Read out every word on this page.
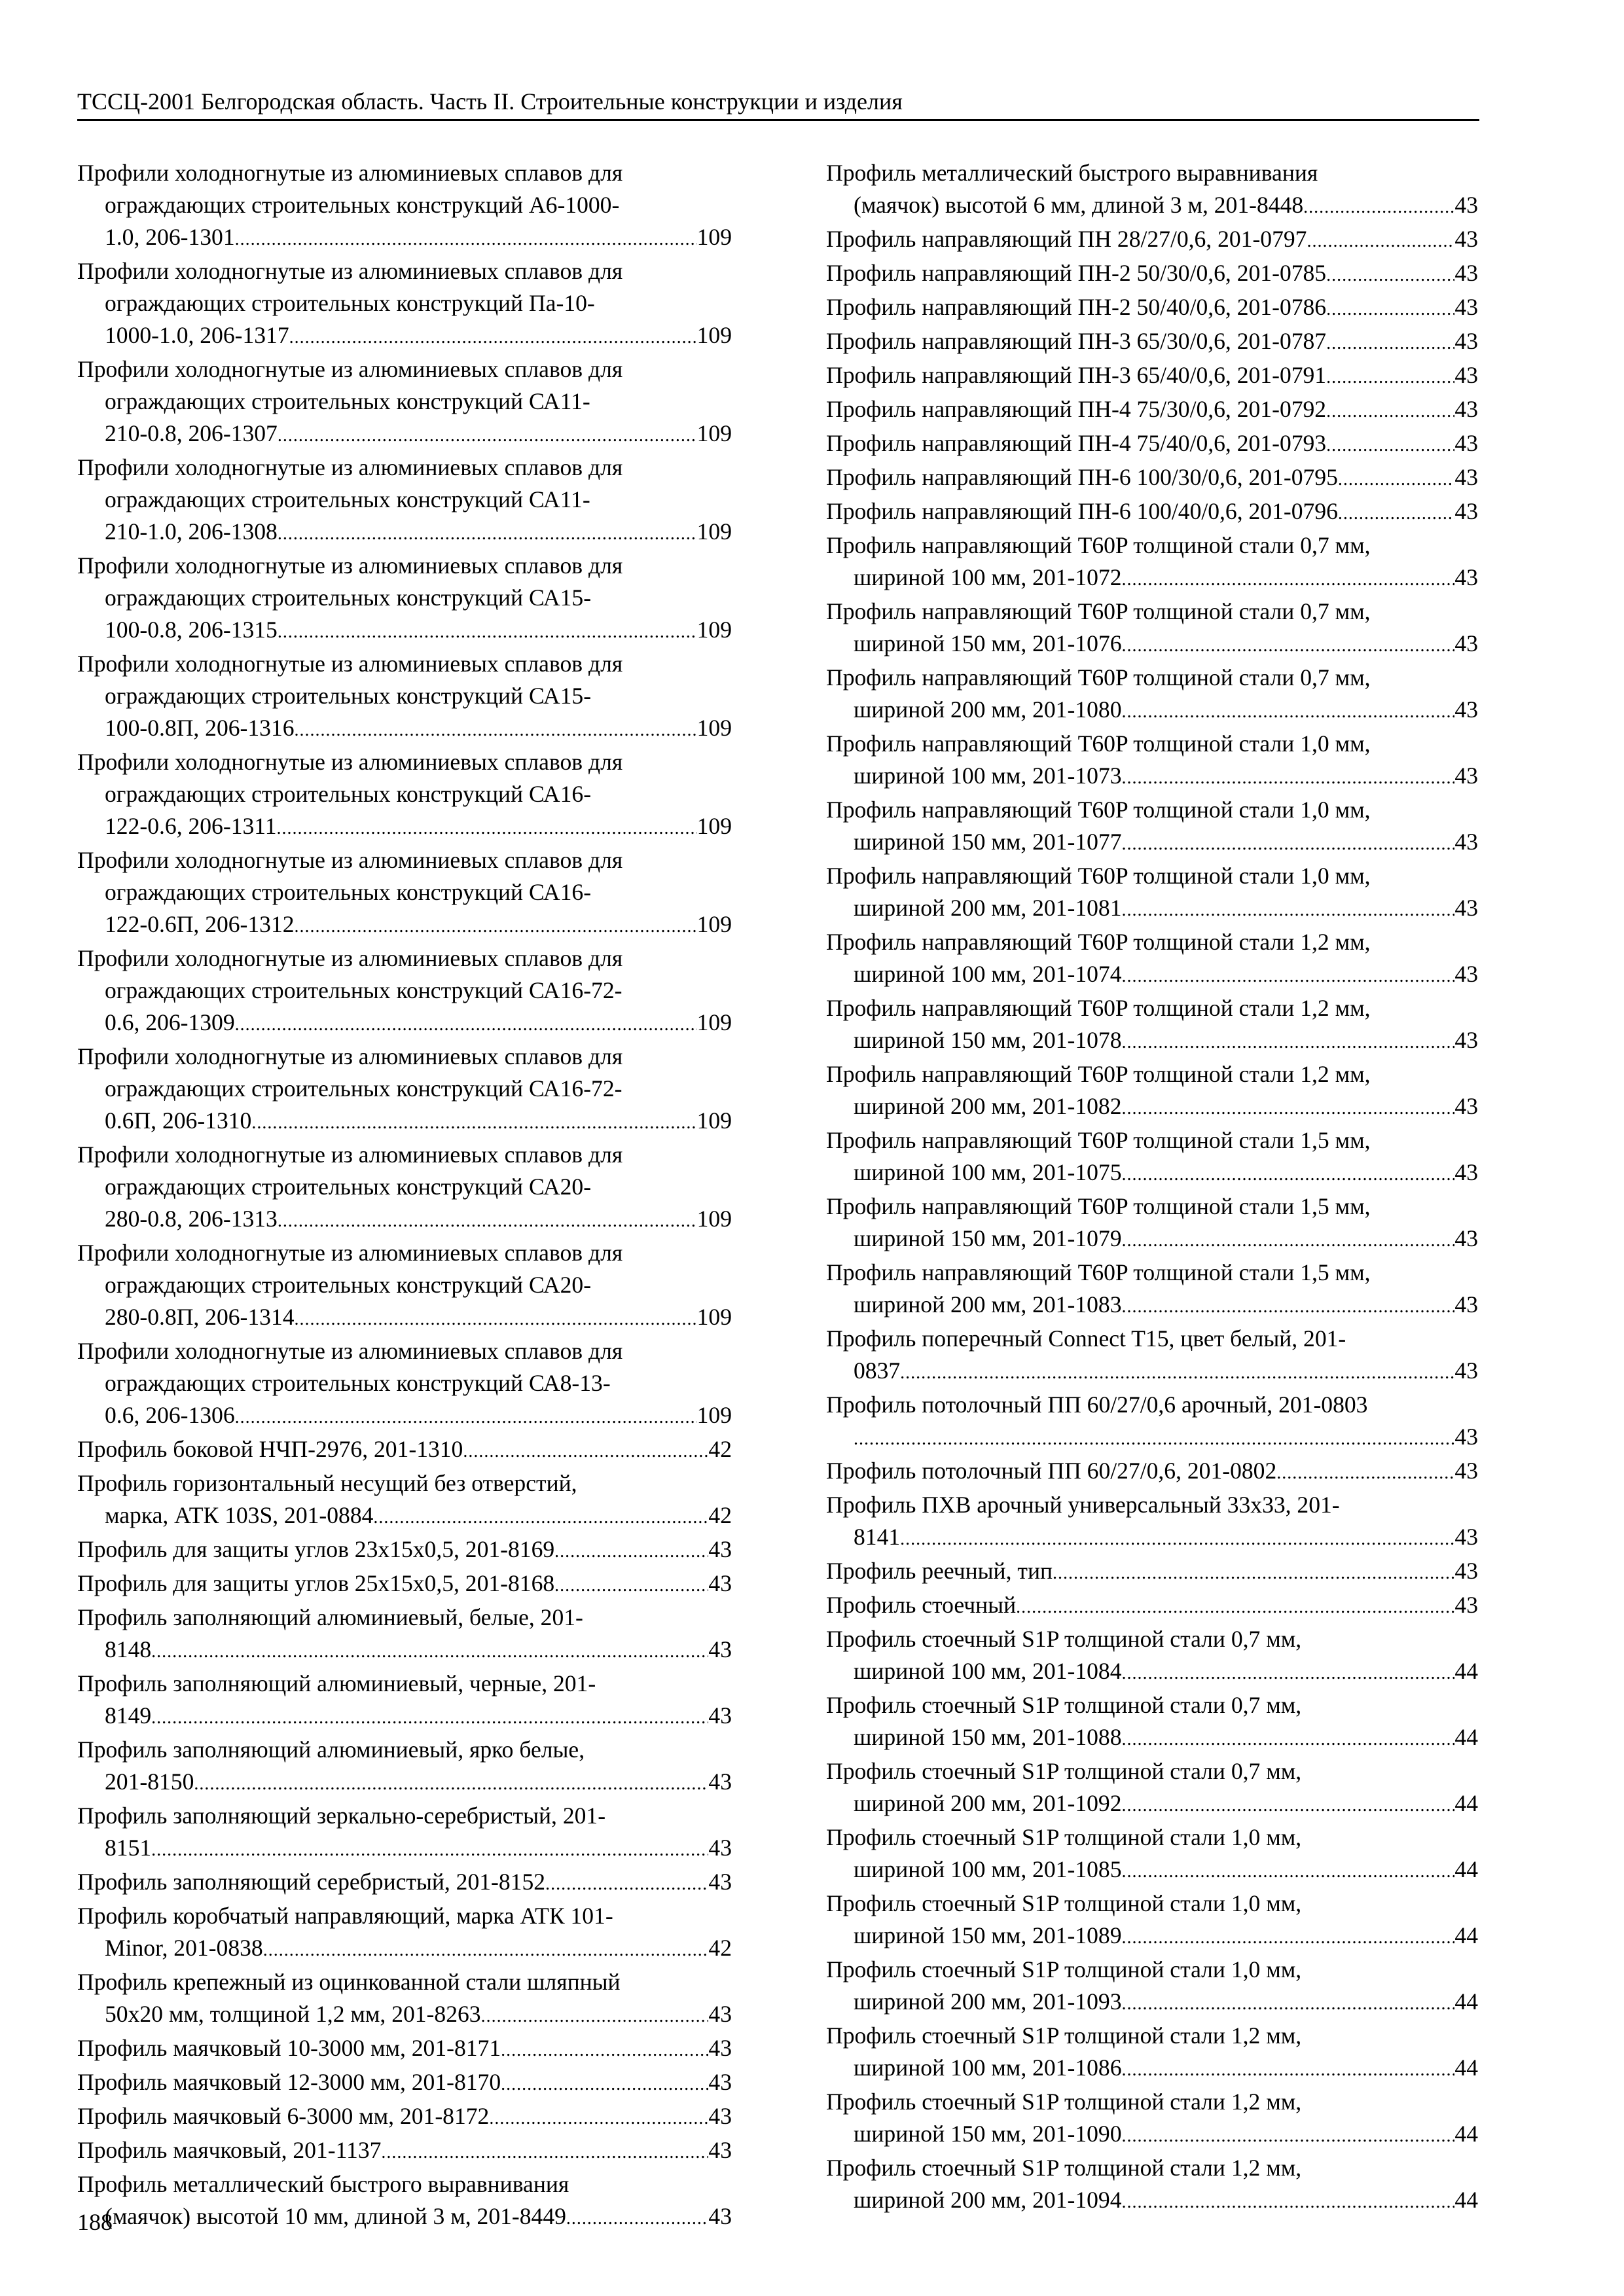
ТССЦ-2001 Белгородская область. Часть II. Строительные конструкции и изделия
Профили холодногнутые из алюминиевых сплавов для
ограждающих строительных конструкций А6-1000-
1.0, 206-1301 .....	109
Профили холодногнутые из алюминиевых сплавов для
ограждающих строительных конструкций Па-10-
1000-1.0, 206-1317 .....	109
Профили холодногнутые из алюминиевых сплавов для
ограждающих строительных конструкций СА11-
210-0.8, 206-1307 .....	109
Профили холодногнутые из алюминиевых сплавов для
ограждающих строительных конструкций СА11-
210-1.0, 206-1308 .....	109
Профили холодногнутые из алюминиевых сплавов для
ограждающих строительных конструкций СА15-
100-0.8, 206-1315 .....	109
Профили холодногнутые из алюминиевых сплавов для
ограждающих строительных конструкций СА15-
100-0.8П, 206-1316 .....	109
Профили холодногнутые из алюминиевых сплавов для
ограждающих строительных конструкций СА16-
122-0.6, 206-1311 .....	109
Профили холодногнутые из алюминиевых сплавов для
ограждающих строительных конструкций СА16-
122-0.6П, 206-1312 .....	109
Профили холодногнутые из алюминиевых сплавов для
ограждающих строительных конструкций СА16-72-
0.6, 206-1309 .....	109
Профили холодногнутые из алюминиевых сплавов для
ограждающих строительных конструкций СА16-72-
0.6П, 206-1310 .....	109
Профили холодногнутые из алюминиевых сплавов для
ограждающих строительных конструкций СА20-
280-0.8, 206-1313 .....	109
Профили холодногнутые из алюминиевых сплавов для
ограждающих строительных конструкций СА20-
280-0.8П, 206-1314 .....	109
Профили холодногнутые из алюминиевых сплавов для
ограждающих строительных конструкций СА8-13-
0.6, 206-1306 .....	109
Профиль боковой НЧП-2976, 201-1310 .....	42
Профиль горизонтальный несущий без отверстий,
марка, АТК 103S, 201-0884 .....	42
Профиль для защиты углов 23х15х0,5, 201-8169 .....	43
Профиль для защиты углов 25х15х0,5, 201-8168 .....	43
Профиль заполняющий алюминиевый, белые, 201-
8148 .....	43
Профиль заполняющий алюминиевый, черные, 201-
8149 .....	43
Профиль заполняющий алюминиевый, ярко белые,
201-8150 .....	43
Профиль заполняющий зеркально-серебристый, 201-
8151 .....	43
Профиль заполняющий серебристый, 201-8152 .....	43
Профиль коробчатый направляющий, марка АТК 101-
Minor, 201-0838 .....	42
Профиль крепежный из оцинкованной стали шляпный
50х20 мм, толщиной 1,2 мм, 201-8263 .....	43
Профиль маячковый 10-3000 мм, 201-8171 .....	43
Профиль маячковый 12-3000 мм, 201-8170 .....	43
Профиль маячковый 6-3000 мм, 201-8172 .....	43
Профиль маячковый, 201-1137 .....	43
Профиль металлический быстрого выравнивания
(маячок) высотой 10 мм, длиной 3 м, 201-8449 .....	43
Профиль металлический быстрого выравнивания
(маячок) высотой 6 мм, длиной 3 м, 201-8448 .....	43
Профиль направляющий ПН 28/27/0,6, 201-0797 .....	43
Профиль направляющий ПН-2 50/30/0,6, 201-0785 .....	43
Профиль направляющий ПН-2 50/40/0,6, 201-0786 .....	43
Профиль направляющий ПН-3 65/30/0,6, 201-0787 .....	43
Профиль направляющий ПН-3 65/40/0,6, 201-0791 .....	43
Профиль направляющий ПН-4 75/30/0,6, 201-0792 .....	43
Профиль направляющий ПН-4 75/40/0,6, 201-0793 .....	43
Профиль направляющий ПН-6 100/30/0,6, 201-0795 .....	43
Профиль направляющий ПН-6 100/40/0,6, 201-0796 .....	43
Профиль направляющий T60P толщиной стали 0,7 мм,
шириной 100 мм, 201-1072 .....	43
Профиль направляющий T60P толщиной стали 0,7 мм,
шириной 150 мм, 201-1076 .....	43
Профиль направляющий T60P толщиной стали 0,7 мм,
шириной 200 мм, 201-1080 .....	43
Профиль направляющий T60P толщиной стали 1,0 мм,
шириной 100 мм, 201-1073 .....	43
Профиль направляющий T60P толщиной стали 1,0 мм,
шириной 150 мм, 201-1077 .....	43
Профиль направляющий T60P толщиной стали 1,0 мм,
шириной 200 мм, 201-1081 .....	43
Профиль направляющий T60P толщиной стали 1,2 мм,
шириной 100 мм, 201-1074 .....	43
Профиль направляющий T60P толщиной стали 1,2 мм,
шириной 150 мм, 201-1078 .....	43
Профиль направляющий T60P толщиной стали 1,2 мм,
шириной 200 мм, 201-1082 .....	43
Профиль направляющий T60P толщиной стали 1,5 мм,
шириной 100 мм, 201-1075 .....	43
Профиль направляющий T60P толщиной стали 1,5 мм,
шириной 150 мм, 201-1079 .....	43
Профиль направляющий T60P толщиной стали 1,5 мм,
шириной 200 мм, 201-1083 .....	43
Профиль поперечный Connect T15, цвет белый, 201-
0837 .....	43
Профиль потолочный ПП 60/27/0,6 арочный, 201-0803
.....
43
Профиль потолочный ПП 60/27/0,6, 201-0802 .....	43
Профиль ПХВ арочный универсальный 33х33, 201-
8141 .....	43
Профиль реечный, тип .....	43
Профиль стоечный .....	43
Профиль стоечный S1P толщиной стали 0,7 мм,
шириной 100 мм, 201-1084 .....	44
Профиль стоечный S1P толщиной стали 0,7 мм,
шириной 150 мм, 201-1088 .....	44
Профиль стоечный S1P толщиной стали 0,7 мм,
шириной 200 мм, 201-1092 .....	44
Профиль стоечный S1P толщиной стали 1,0 мм,
шириной 100 мм, 201-1085 .....	44
Профиль стоечный S1P толщиной стали 1,0 мм,
шириной 150 мм, 201-1089 .....	44
Профиль стоечный S1P толщиной стали 1,0 мм,
шириной 200 мм, 201-1093 .....	44
Профиль стоечный S1P толщиной стали 1,2 мм,
шириной 100 мм, 201-1086 .....	44
Профиль стоечный S1P толщиной стали 1,2 мм,
шириной 150 мм, 201-1090 .....	44
Профиль стоечный S1P толщиной стали 1,2 мм,
шириной 200 мм, 201-1094 .....	44
188
